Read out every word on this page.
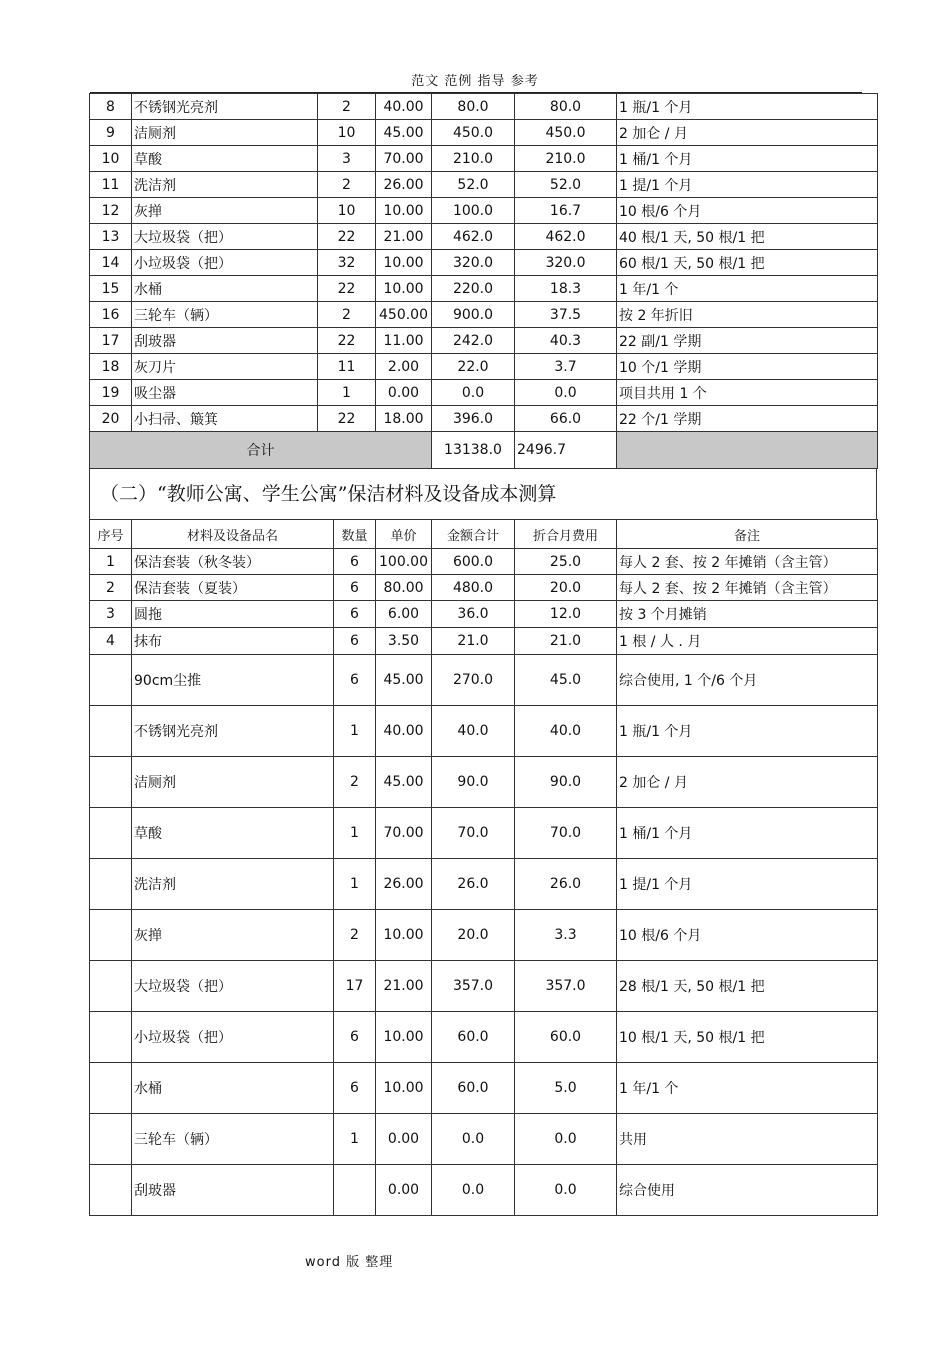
范文 范例 指导 参考
8	不锈钢光亮剂	2	40.00	80.0	80.0	1 瓶/1 个月
9	洁厕剂	10	45.00	450.0	450.0	2 加仑 / 月
10	草酸	3	70.00	210.0	210.0	1 桶/1 个月
11	洗洁剂	2	26.00	52.0	52.0	1 提/1 个月
12	灰掸	10	10.00	100.0	16.7	10 根/6 个月
13	大垃圾袋（把）	22	21.00	462.0	462.0	40 根/1 天, 50 根/1 把
14	小垃圾袋（把）	32	10.00	320.0	320.0	60 根/1 天, 50 根/1 把
15	水桶	22	10.00	220.0	18.3	1 年/1 个
16	三轮车（辆）	2	450.00	900.0	37.5	按 2 年折旧
17	刮玻器	22	11.00	242.0	40.3	22 副/1 学期
18	灰刀片	11	2.00	22.0	3.7	10 个/1 学期
19	吸尘器	1	0.00	0.0	0.0	项目共用 1 个
20	小扫帚、簸箕	22	18.00	396.0	66.0	22 个/1 学期
合计				13138.0	2496.7	
（二）“教师公寓、学生公寓”保洁材料及设备成本测算
序号	材料及设备品名	数量	单价	金额合计	折合月费用	备注
1	保洁套装（秋冬装）	6	100.00	600.0	25.0	每人 2 套、按 2 年摊销（含主管）
2	保洁套装（夏装）	6	80.00	480.0	20.0	每人 2 套、按 2 年摊销（含主管）
3	圆拖	6	6.00	36.0	12.0	按 3 个月摊销
4	抹布	6	3.50	21.0	21.0	1 根 / 人 . 月
	90cm尘推	6	45.00	270.0	45.0	综合使用, 1 个/6 个月
	不锈钢光亮剂	1	40.00	40.0	40.0	1 瓶/1 个月
	洁厕剂	2	45.00	90.0	90.0	2 加仑 / 月
	草酸	1	70.00	70.0	70.0	1 桶/1 个月
	洗洁剂	1	26.00	26.0	26.0	1 提/1 个月
	灰掸	2	10.00	20.0	3.3	10 根/6 个月
	大垃圾袋（把）	17	21.00	357.0	357.0	28 根/1 天, 50 根/1 把
	小垃圾袋（把）	6	10.00	60.0	60.0	10 根/1 天, 50 根/1 把
	水桶	6	10.00	60.0	5.0	1 年/1 个
	三轮车（辆）	1	0.00	0.0	0.0	共用
	刮玻器		0.00	0.0	0.0	综合使用
word 版 整理
